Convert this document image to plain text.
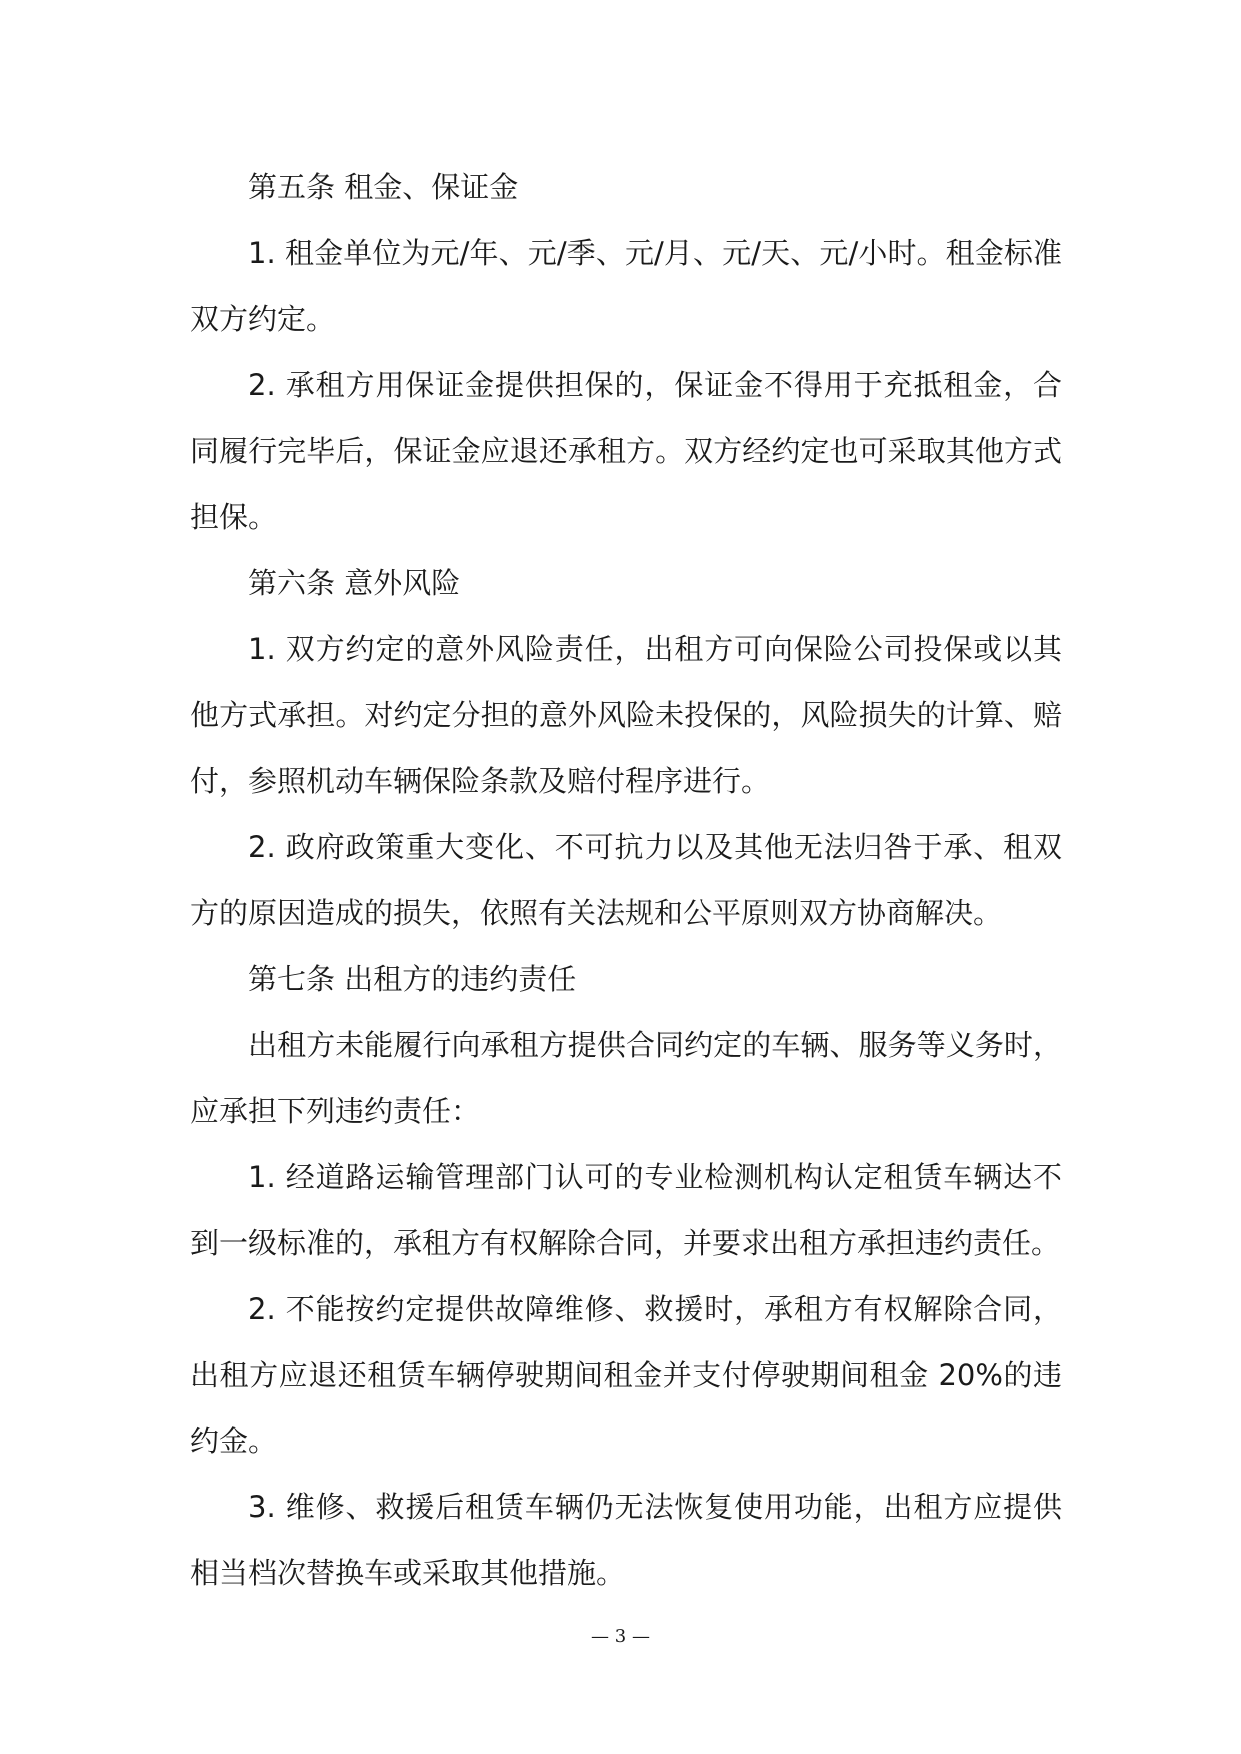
第五条 租金、保证金

1. 租金单位为元/年、元/季、元/月、元/天、元/小时。租金标准双方约定。

2. 承租方用保证金提供担保的，保证金不得用于充抵租金，合同履行完毕后，保证金应退还承租方。双方经约定也可采取其他方式担保。

第六条 意外风险

1. 双方约定的意外风险责任，出租方可向保险公司投保或以其他方式承担。对约定分担的意外风险未投保的，风险损失的计算、赔付，参照机动车辆保险条款及赔付程序进行。

2. 政府政策重大变化、不可抗力以及其他无法归咎于承、租双方的原因造成的损失，依照有关法规和公平原则双方协商解决。

第七条 出租方的违约责任

出租方未能履行向承租方提供合同约定的车辆、服务等义务时，应承担下列违约责任：

1. 经道路运输管理部门认可的专业检测机构认定租赁车辆达不到一级标准的，承租方有权解除合同，并要求出租方承担违约责任。

2. 不能按约定提供故障维修、救援时，承租方有权解除合同，出租方应退还租赁车辆停驶期间租金并支付停驶期间租金 20%的违约金。

3. 维修、救援后租赁车辆仍无法恢复使用功能，出租方应提供相当档次替换车或采取其他措施。

— 3 —
